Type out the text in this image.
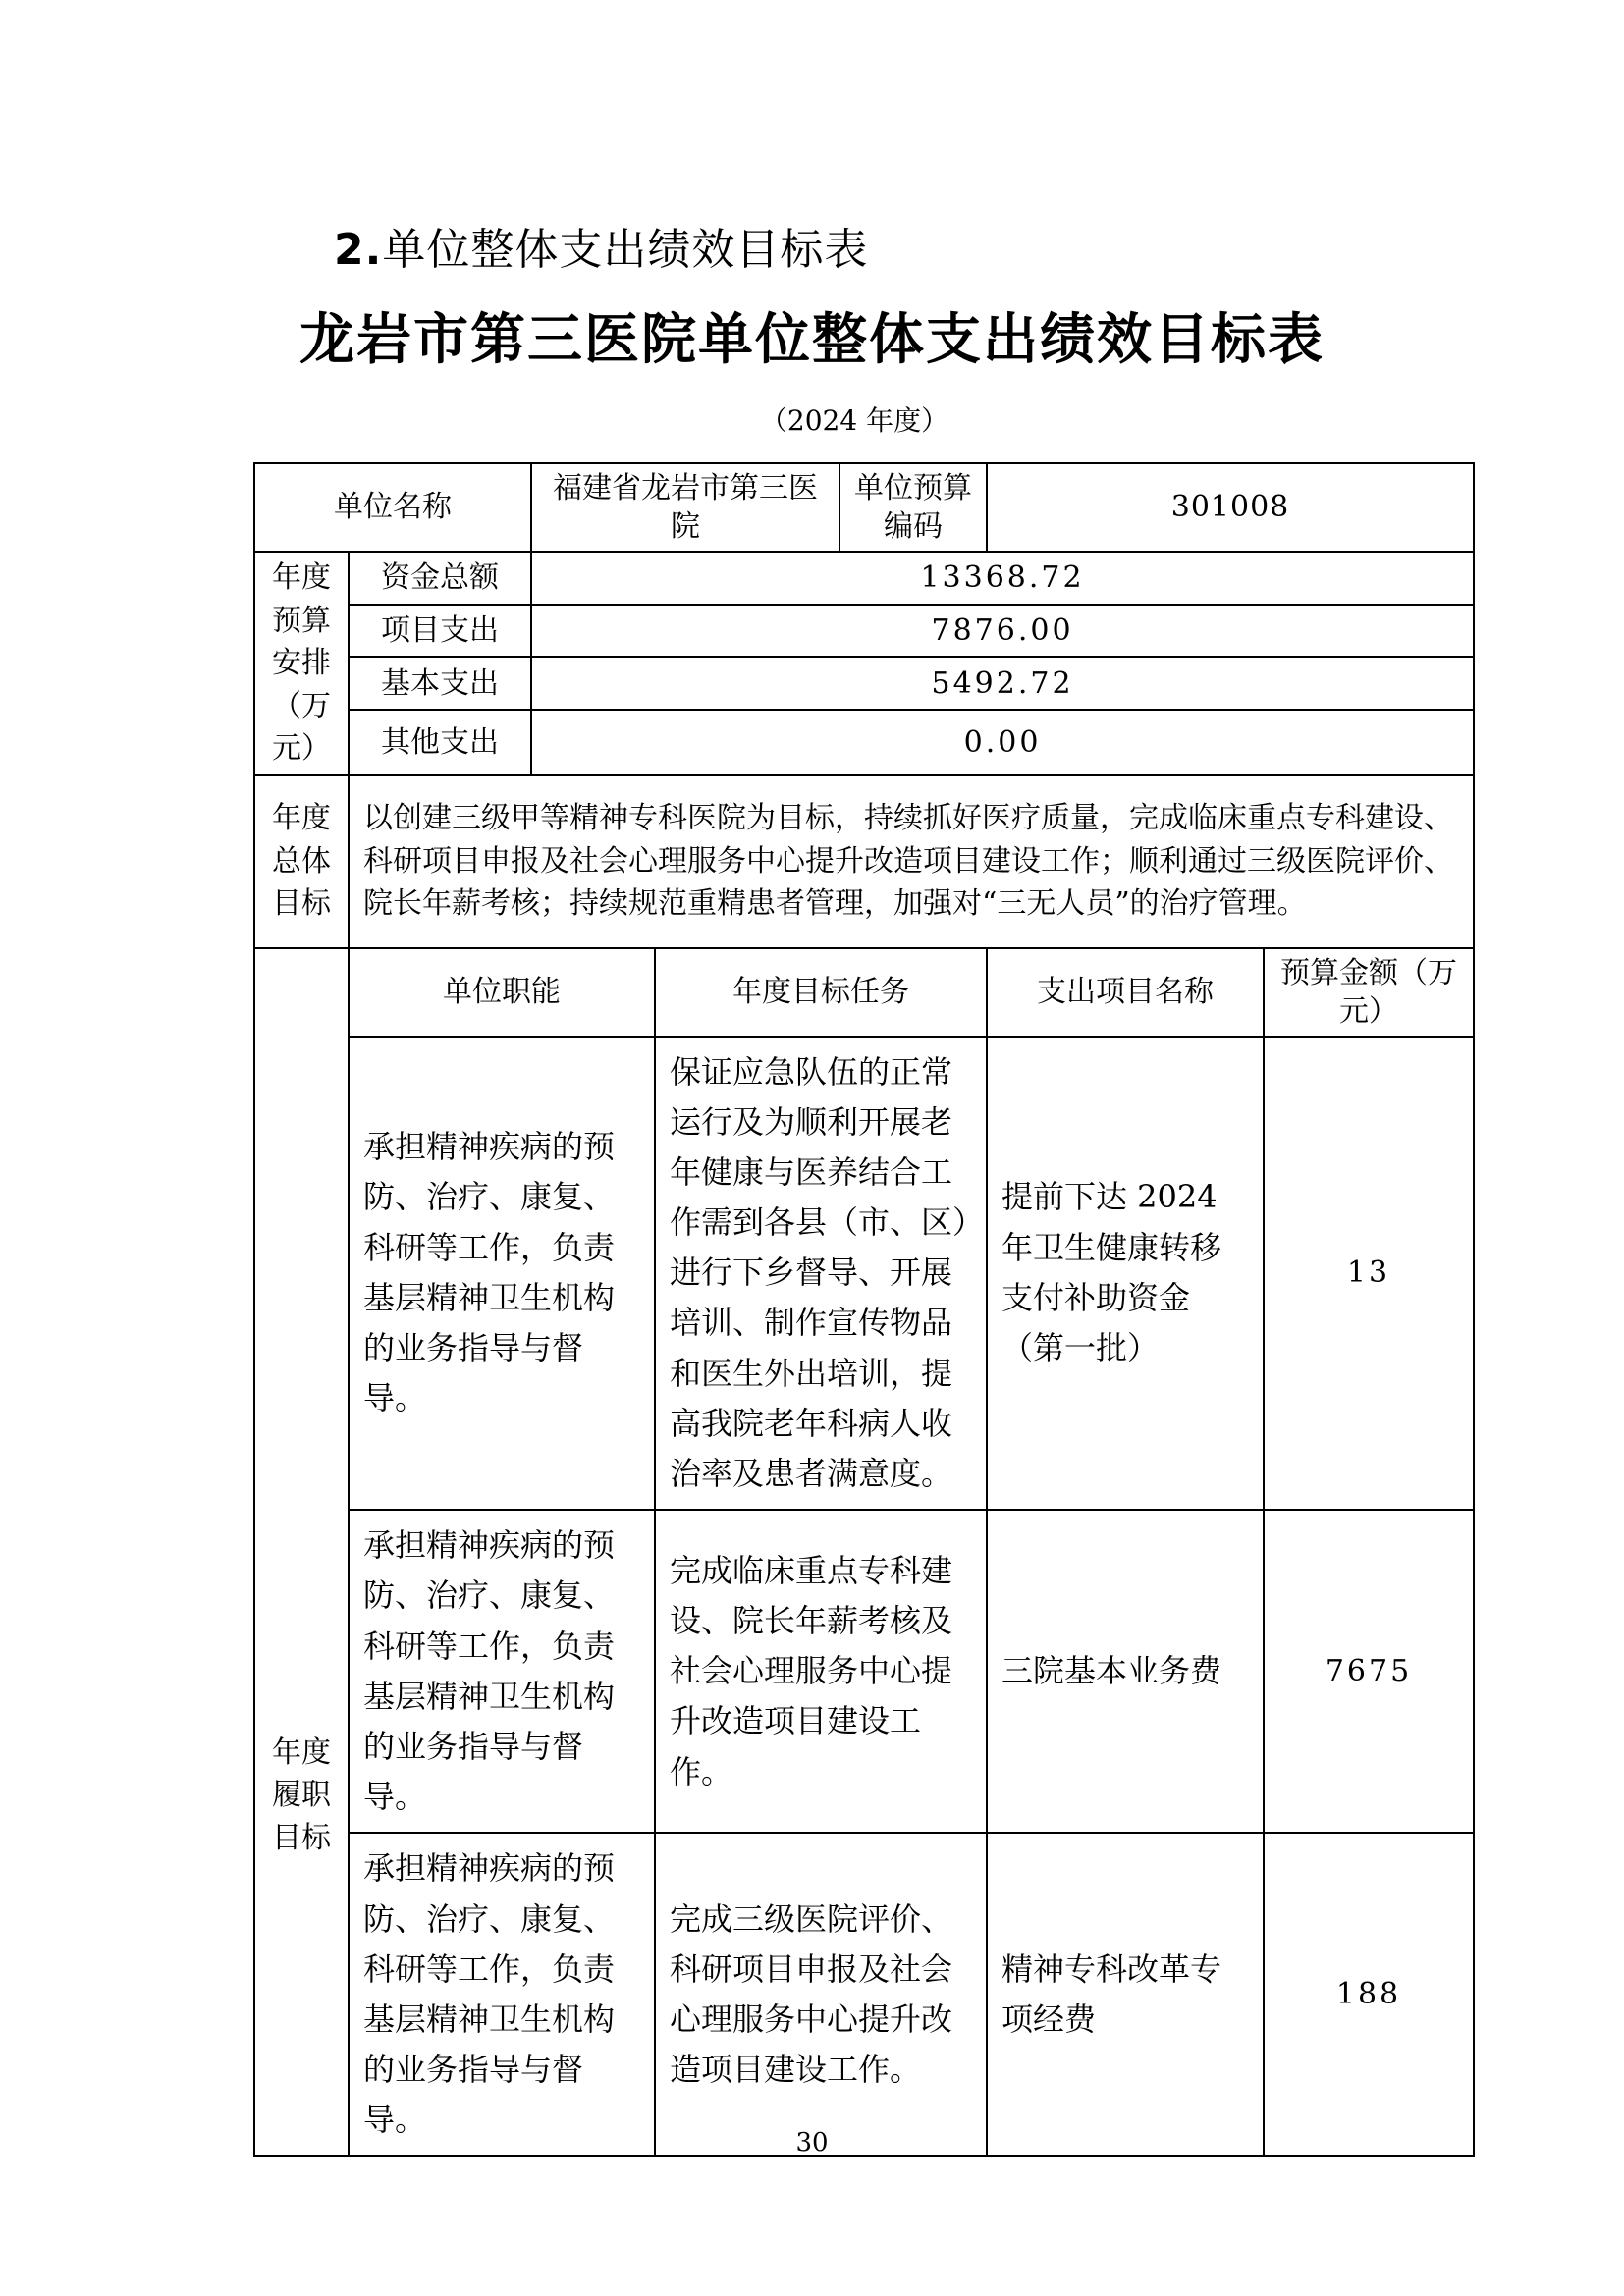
2.单位整体支出绩效目标表
龙岩市第三医院单位整体支出绩效目标表
（2024 年度）
单位名称		福建省龙岩市第三医院		单位预算编码	301008	
年度预算安排（万元）	资金总额	13368.72				
	项目支出	7876.00				
	基本支出	5492.72				
	其他支出	0.00				
年度总体目标	以创建三级甲等精神专科医院为目标，持续抓好医疗质量，完成临床重点专科建设、科研项目申报及社会心理服务中心提升改造项目建设工作；顺利通过三级医院评价、院长年薪考核；持续规范重精患者管理，加强对“三无人员”的治疗管理。					
年度履职目标	单位职能		年度目标任务		支出项目名称	预算金额（万元）
	承担精神疾病的预防、治疗、康复、科研等工作，负责基层精神卫生机构的业务指导与督导。		保证应急队伍的正常运行及为顺利开展老年健康与医养结合工作需到各县（市、区）进行下乡督导、开展培训、制作宣传物品和医生外出培训，提高我院老年科病人收治率及患者满意度。		提前下达 2024 年卫生健康转移支付补助资金（第一批）	13
	承担精神疾病的预防、治疗、康复、科研等工作，负责基层精神卫生机构的业务指导与督导。		完成临床重点专科建设、院长年薪考核及社会心理服务中心提升改造项目建设工作。		三院基本业务费	7675
	承担精神疾病的预防、治疗、康复、科研等工作，负责基层精神卫生机构的业务指导与督导。		完成三级医院评价、科研项目申报及社会心理服务中心提升改造项目建设工作。		精神专科改革专项经费	188
30
